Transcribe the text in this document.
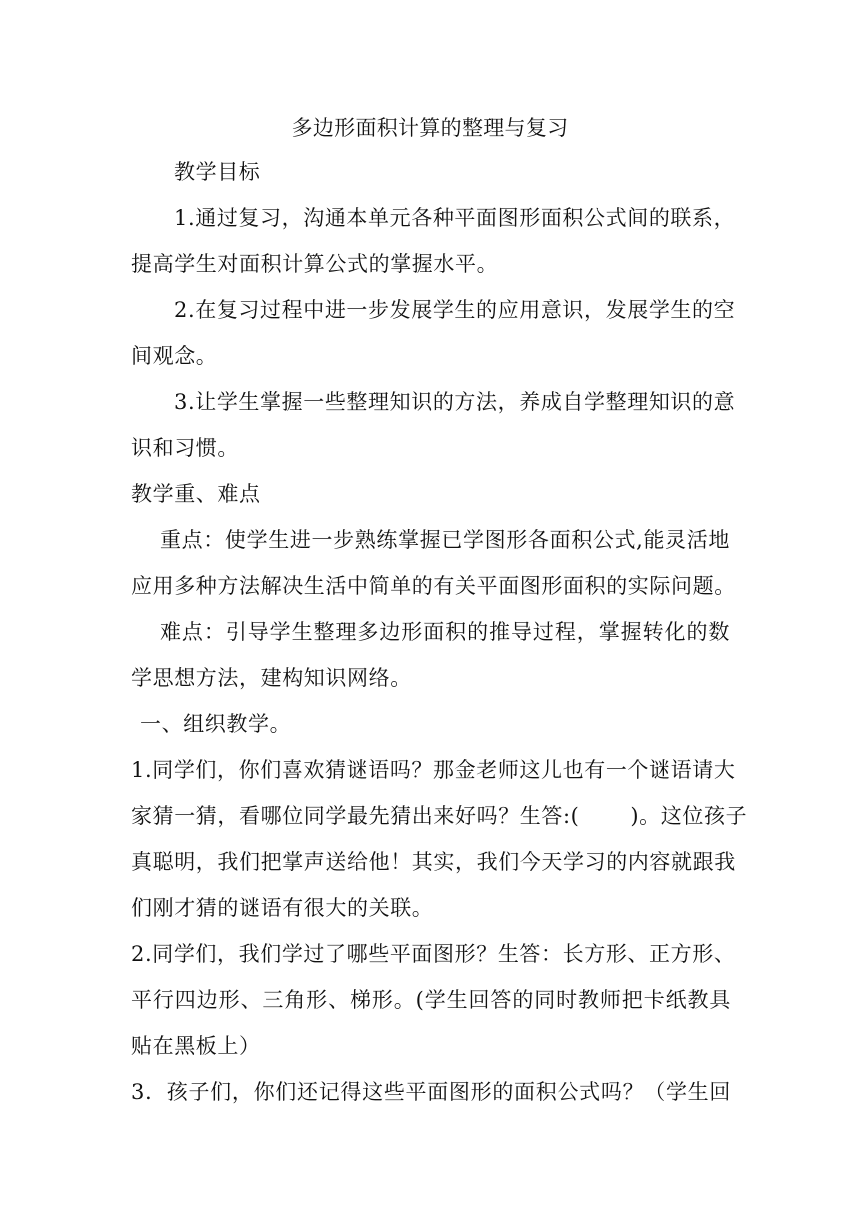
多边形面积计算的整理与复习
教学目标
1.通过复习，沟通本单元各种平面图形面积公式间的联系，
提高学生对面积计算公式的掌握水平。
2.在复习过程中进一步发展学生的应用意识，发展学生的空
间观念。
3.让学生掌握一些整理知识的方法，养成自学整理知识的意
识和习惯。
教学重、难点
重点：使学生进一步熟练掌握已学图形各面积公式,能灵活地
应用多种方法解决生活中简单的有关平面图形面积的实际问题。
难点：引导学生整理多边形面积的推导过程，掌握转化的数
学思想方法，建构知识网络。
一、组织教学。
1.同学们，你们喜欢猜谜语吗？那金老师这儿也有一个谜语请大
家猜一猜，看哪位同学最先猜出来好吗？生答:(       )。这位孩子
真聪明，我们把掌声送给他！其实，我们今天学习的内容就跟我
们刚才猜的谜语有很大的关联。
2.同学们，我们学过了哪些平面图形？生答：长方形、正方形、
平行四边形、三角形、梯形。(学生回答的同时教师把卡纸教具
贴在黑板上）
3．孩子们，你们还记得这些平面图形的面积公式吗？（学生回
